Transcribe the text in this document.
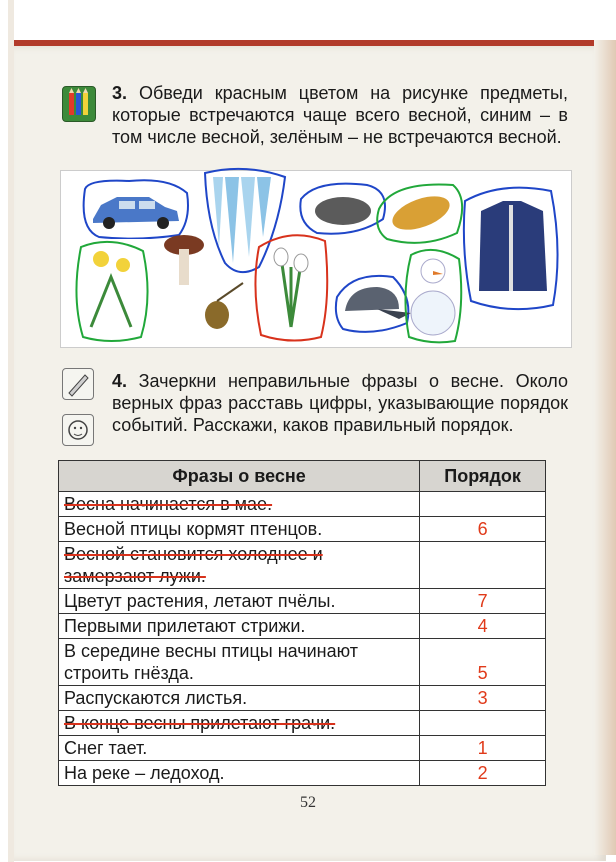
3. Обведи красным цветом на рисунке предметы, которые встречаются чаще всего весной, синим – в том числе весной, зелёным – не встречаются весной.
4. Зачеркни неправильные фразы о весне. Около верных фраз расставь цифры, указывающие порядок событий. Расскажи, каков правильный порядок.
Фразы о весне	Порядок
Весна начинается в мае.	
Весной птицы кормят птенцов.	6
Весной становится холоднее и замерзают лужи.	
Цветут растения, летают пчёлы.	7
Первыми прилетают стрижи.	4
В середине весны птицы начинают строить гнёзда.	5
Распускаются листья.	3
В конце весны прилетают грачи.	
Снег тает.	1
На реке – ледоход.	2
52
